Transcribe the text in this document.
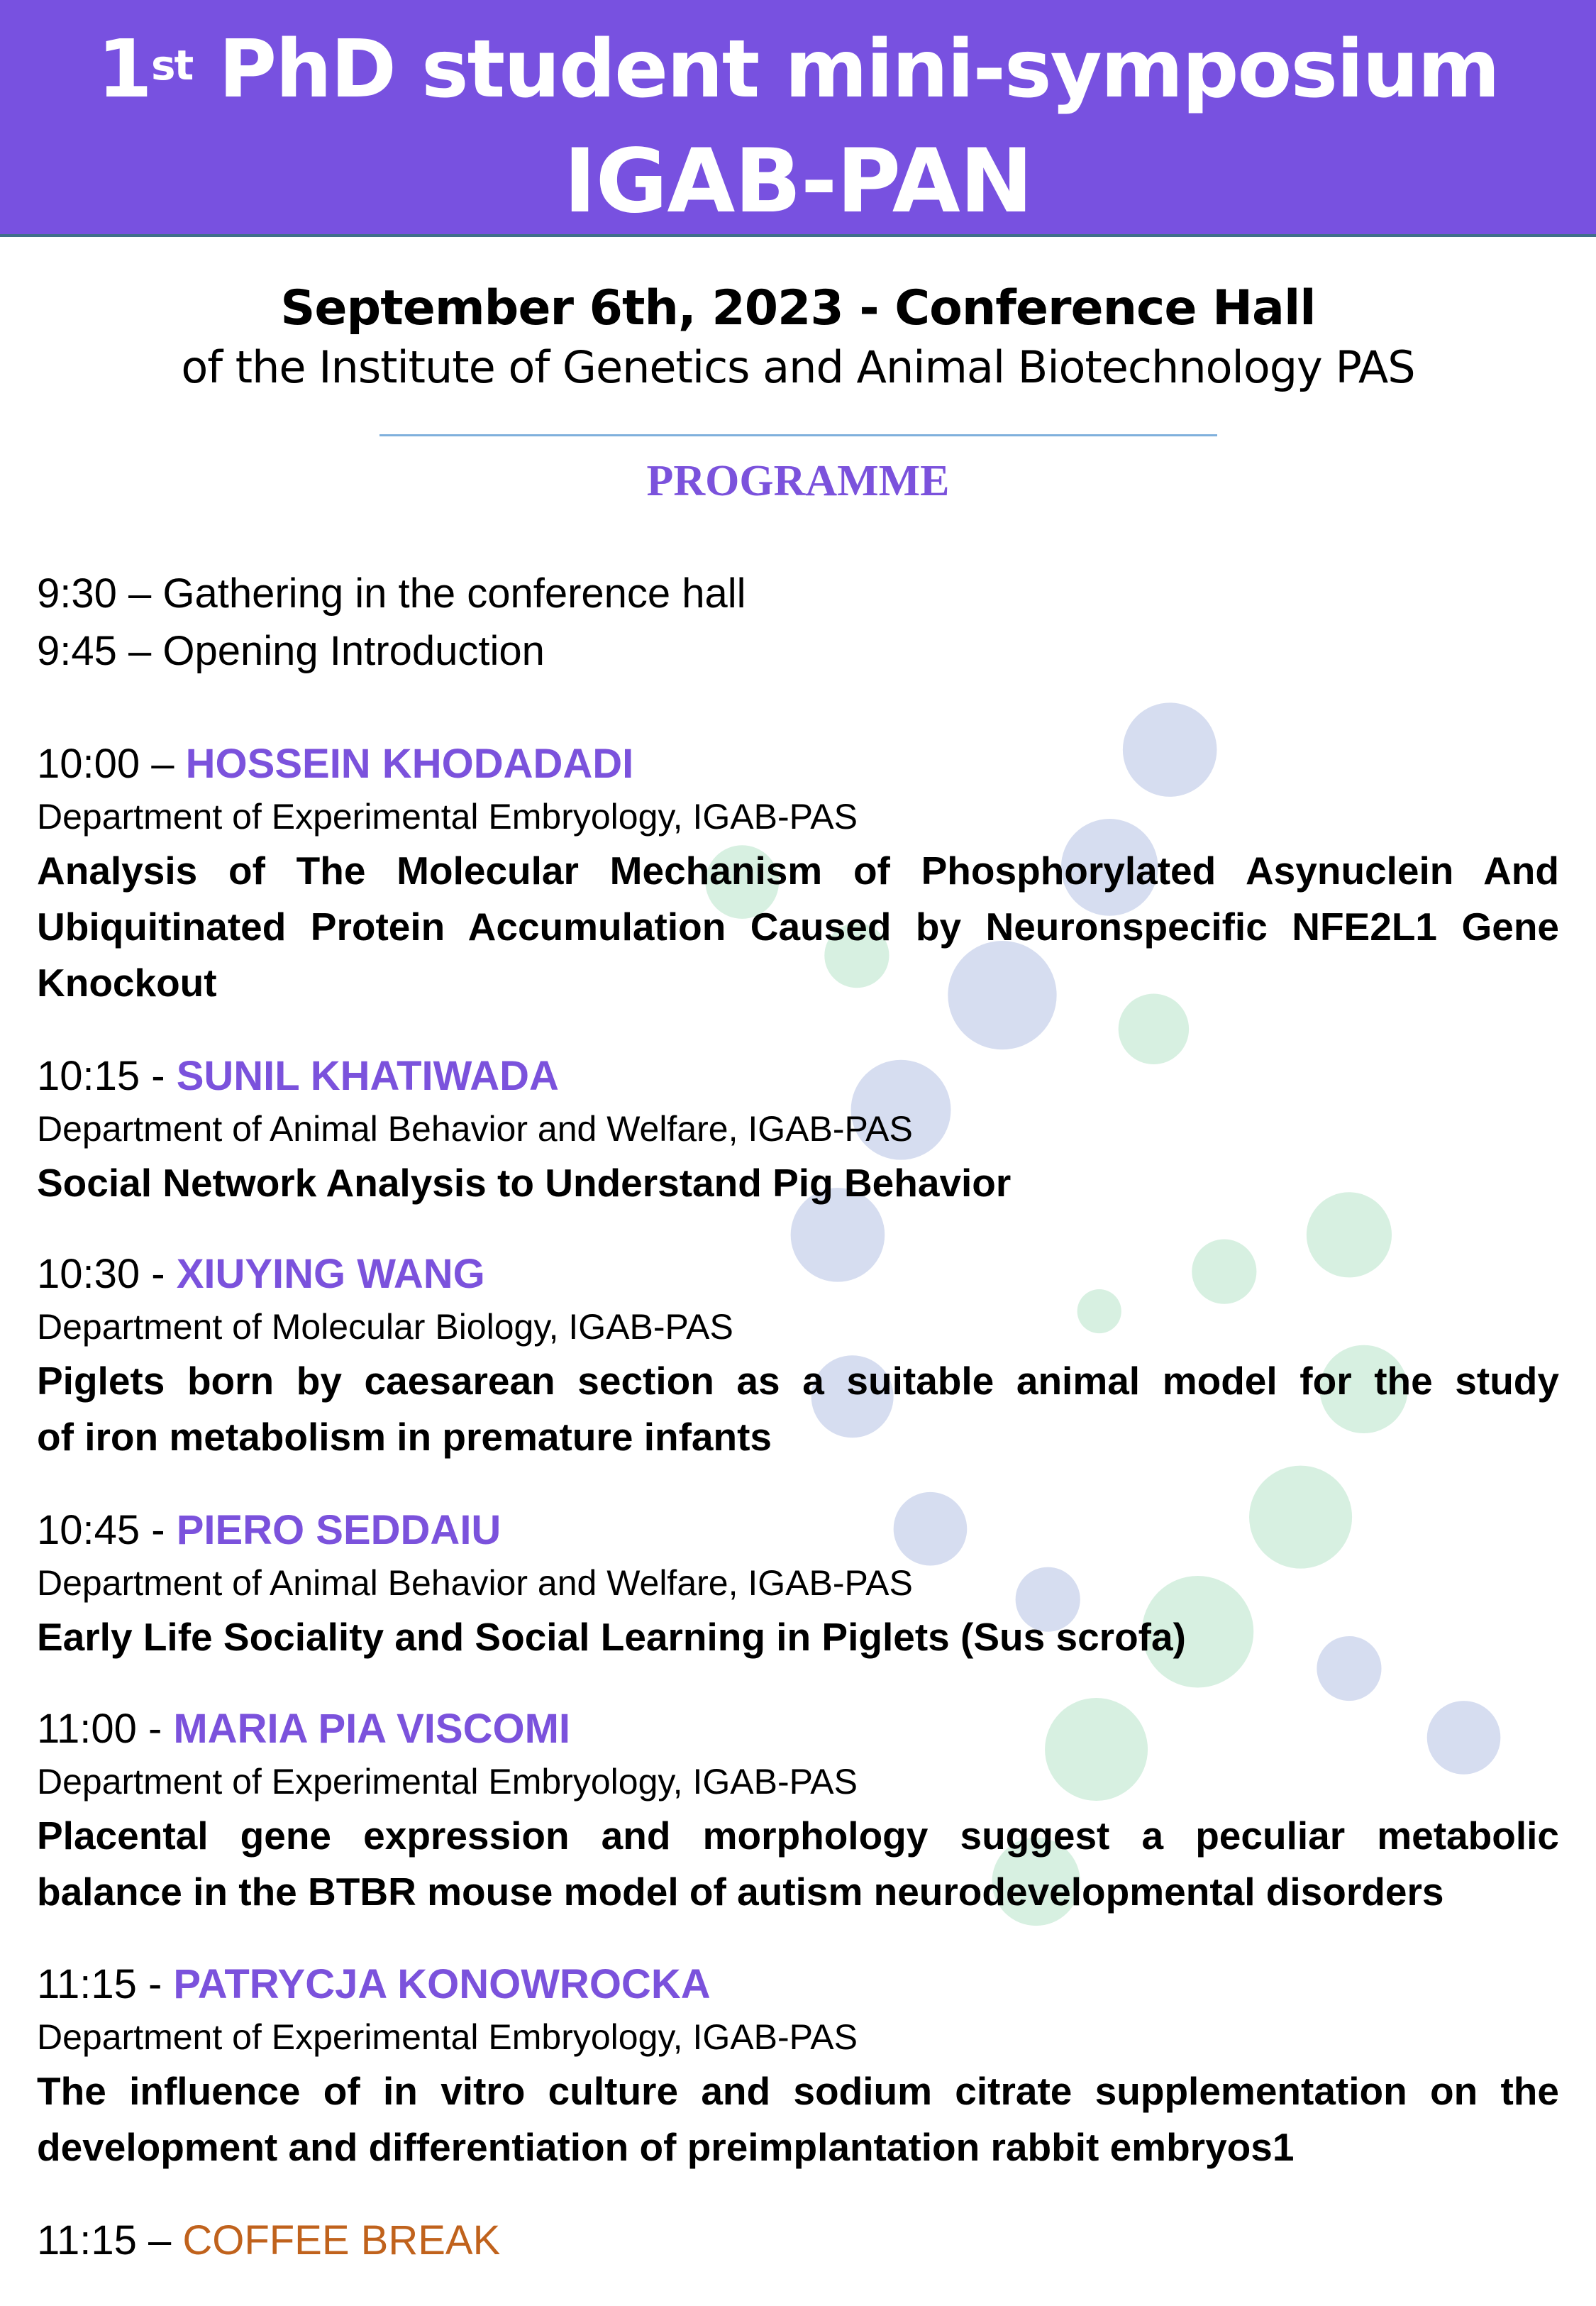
1st PhD student mini-symposium
IGAB-PAN
September 6th, 2023 - Conference Hall
of the Institute of Genetics and Animal Biotechnology PAS
PROGRAMME
9:30 – Gathering in the conference hall
9:45 – Opening Introduction
10:00 – HOSSEIN KHODADADI
Department of Experimental Embryology, IGAB-PAS
Analysis of The Molecular Mechanism of Phosphorylated Asynuclein And
Ubiquitinated Protein Accumulation Caused by Neuronspecific NFE2L1 Gene
Knockout
10:15 - SUNIL KHATIWADA
Department of Animal Behavior and Welfare, IGAB-PAS
Social Network Analysis to Understand Pig Behavior
10:30 - XIUYING WANG
Department of Molecular Biology, IGAB-PAS
Piglets born by caesarean section as a suitable animal model for the study
of iron metabolism in premature infants
10:45 - PIERO SEDDAIU
Department of Animal Behavior and Welfare, IGAB-PAS
Early Life Sociality and Social Learning in Piglets (Sus scrofa)
11:00 - MARIA PIA VISCOMI
Department of Experimental Embryology, IGAB-PAS
Placental gene expression and morphology suggest a peculiar metabolic
balance in the BTBR mouse model of autism neurodevelopmental disorders
11:15 - PATRYCJA KONOWROCKA
Department of Experimental Embryology, IGAB-PAS
The influence of in vitro culture and sodium citrate supplementation on the
development and differentiation of preimplantation rabbit embryos1
11:15 – COFFEE BREAK
